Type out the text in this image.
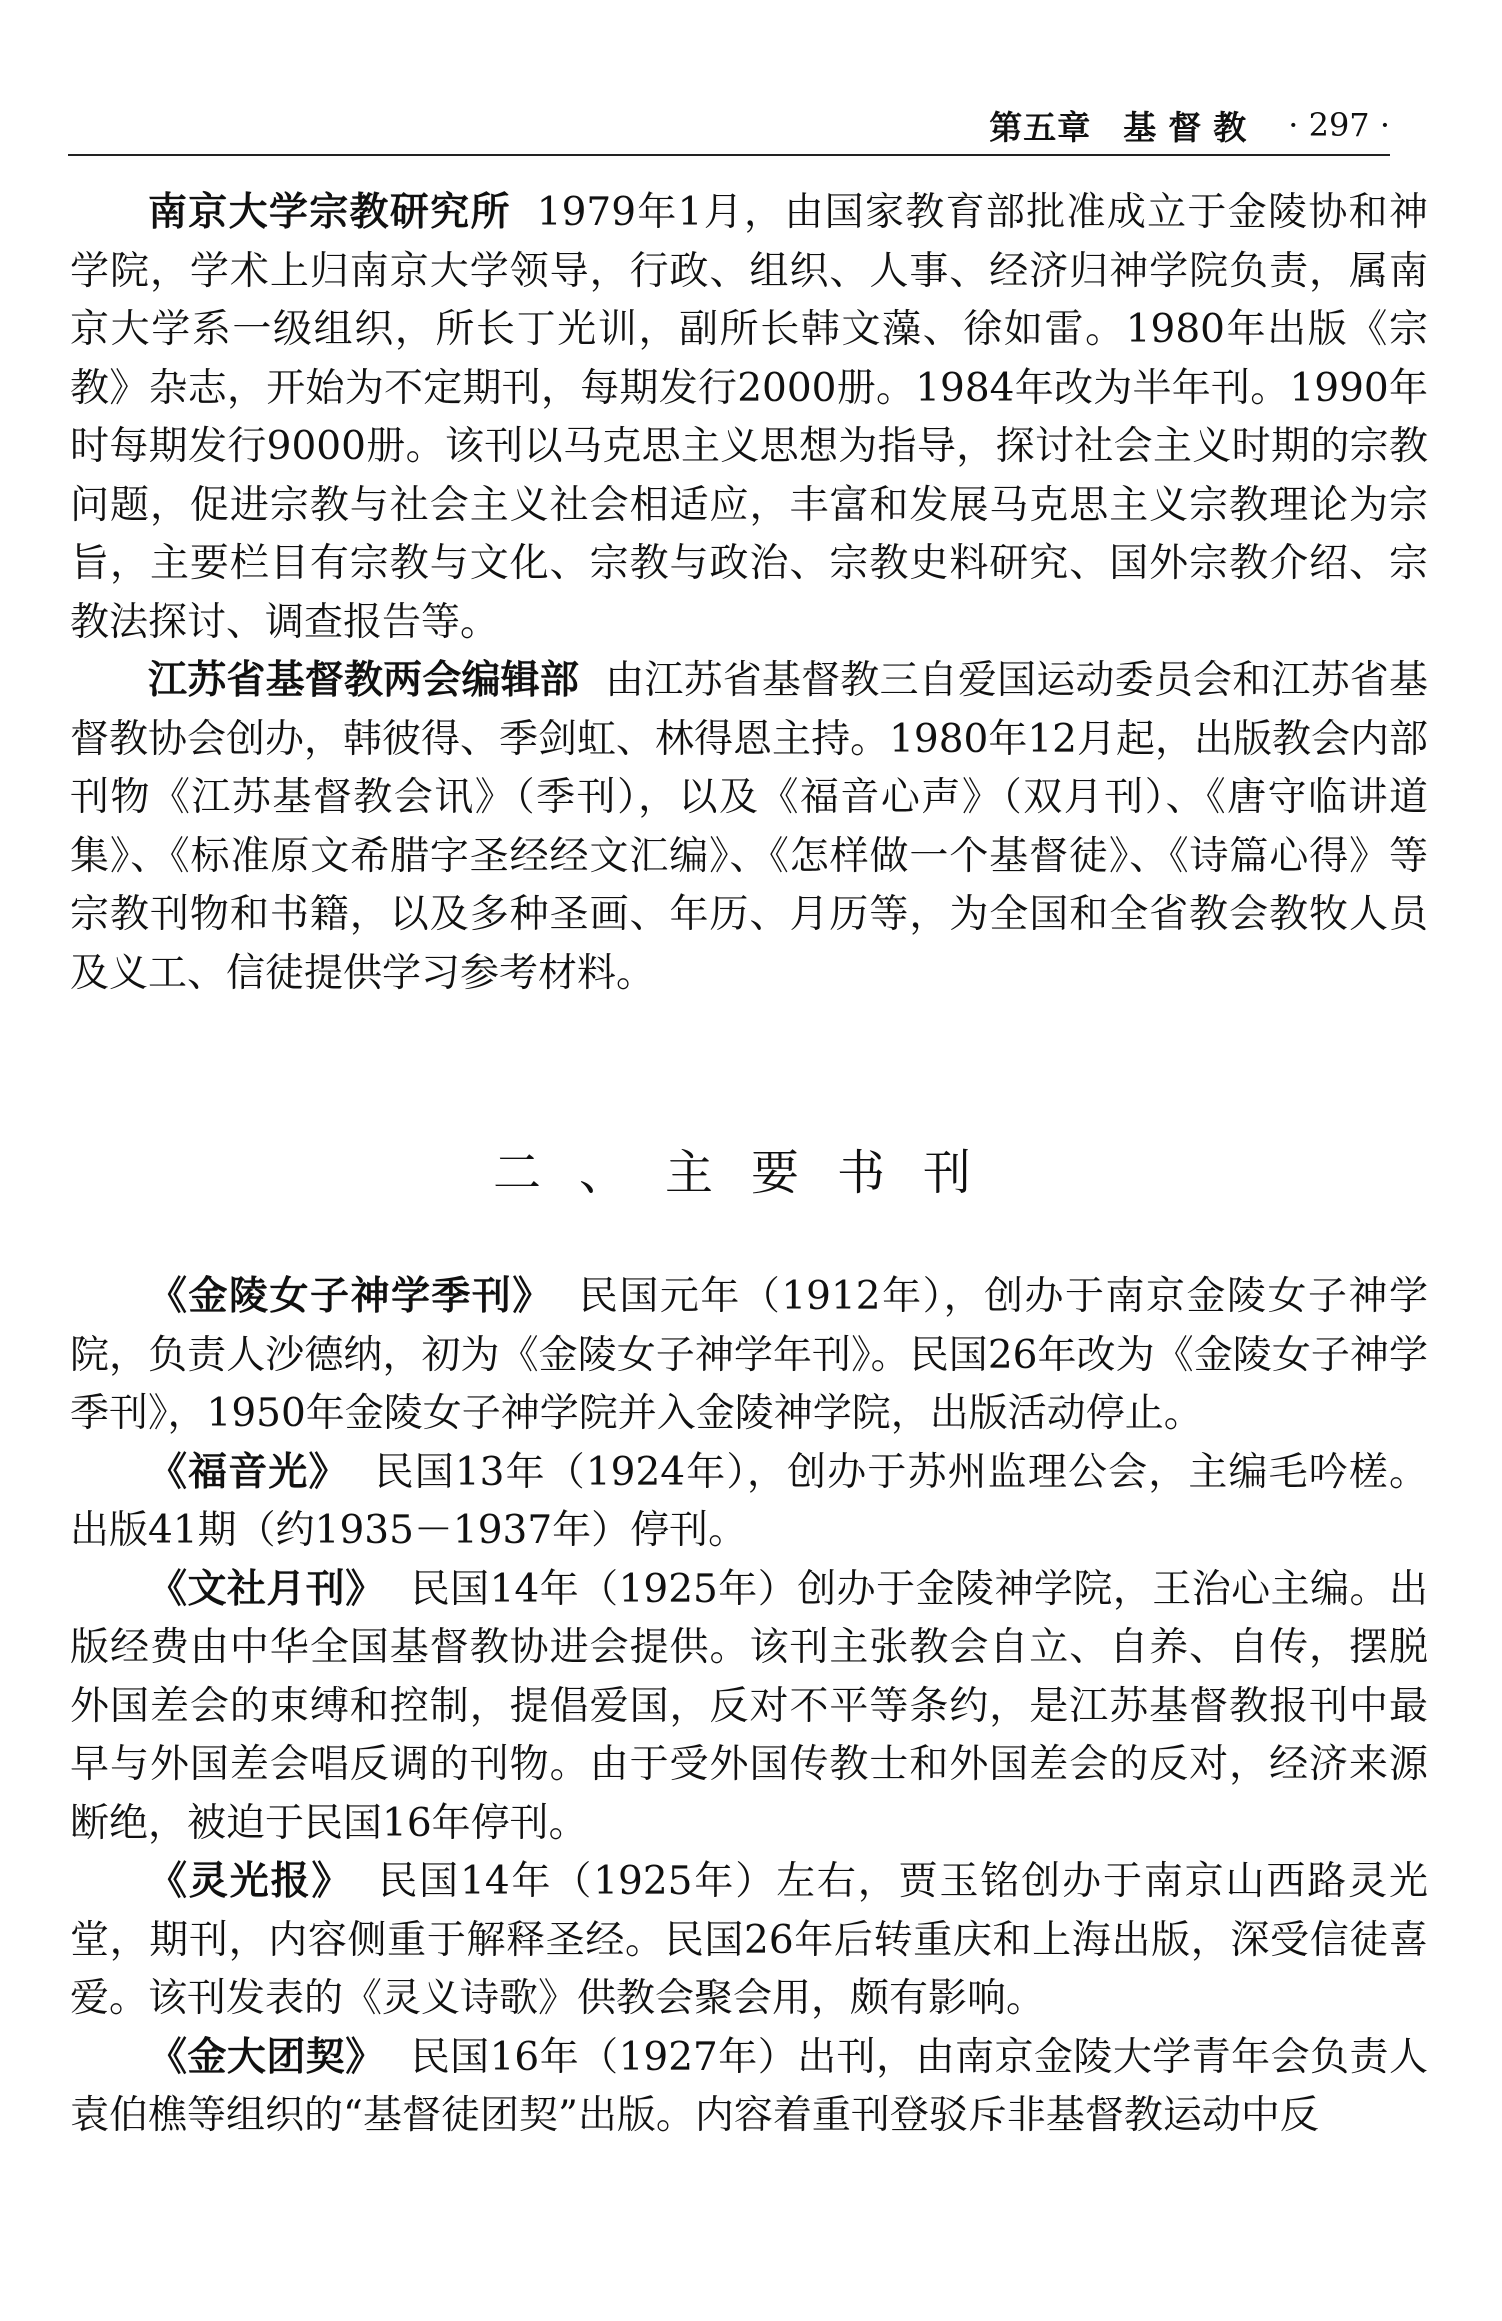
第五章 基督教 · 297 ·

南京大学宗教研究所 1979年1月，由国家教育部批准成立于金陵协和神学院，学术上归南京大学领导，行政、组织、人事、经济归神学院负责，属南京大学系一级组织，所长丁光训，副所长韩文藻、徐如雷。1980年出版《宗教》杂志，开始为不定期刊，每期发行2000册。1984年改为半年刊。1990年时每期发行9000册。该刊以马克思主义思想为指导，探讨社会主义时期的宗教问题，促进宗教与社会主义社会相适应，丰富和发展马克思主义宗教理论为宗旨，主要栏目有宗教与文化、宗教与政治、宗教史料研究、国外宗教介绍、宗教法探讨、调查报告等。

江苏省基督教两会编辑部 由江苏省基督教三自爱国运动委员会和江苏省基督教协会创办，韩彼得、季剑虹、林得恩主持。1980年12月起，出版教会内部刊物《江苏基督教会讯》（季刊），以及《福音心声》（双月刊）、《唐守临讲道集》、《标准原文希腊字圣经经文汇编》、《怎样做一个基督徒》、《诗篇心得》等宗教刊物和书籍，以及多种圣画、年历、月历等，为全国和全省教会教牧人员及义工、信徒提供学习参考材料。

二、主要书刊

《金陵女子神学季刊》 民国元年（1912年），创办于南京金陵女子神学院，负责人沙德纳，初为《金陵女子神学年刊》。民国26年改为《金陵女子神学季刊》，1950年金陵女子神学院并入金陵神学院，出版活动停止。

《福音光》 民国13年（1924年），创办于苏州监理公会，主编毛吟槎。出版41期（约1935－1937年）停刊。

《文社月刊》 民国14年（1925年）创办于金陵神学院，王治心主编。出版经费由中华全国基督教协进会提供。该刊主张教会自立、自养、自传，摆脱外国差会的束缚和控制，提倡爱国，反对不平等条约，是江苏基督教报刊中最早与外国差会唱反调的刊物。由于受外国传教士和外国差会的反对，经济来源断绝，被迫于民国16年停刊。

《灵光报》 民国14年（1925年）左右，贾玉铭创办于南京山西路灵光堂，期刊，内容侧重于解释圣经。民国26年后转重庆和上海出版，深受信徒喜爱。该刊发表的《灵义诗歌》供教会聚会用，颇有影响。

《金大团契》 民国16年（1927年）出刊，由南京金陵大学青年会负责人袁伯樵等组织的“基督徒团契”出版。内容着重刊登驳斥非基督教运动中反
